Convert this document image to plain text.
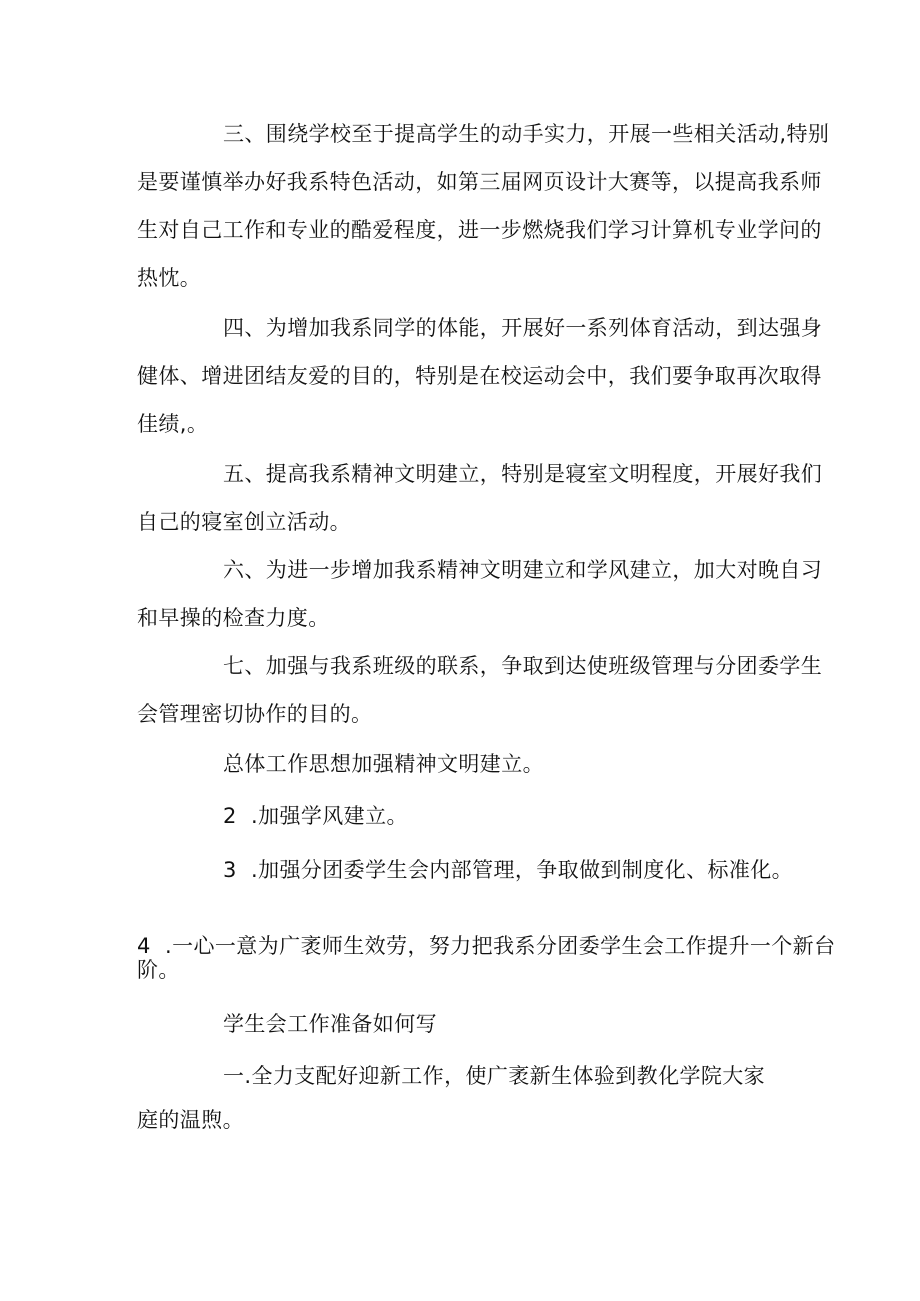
三、围绕学校至于提高学生的动手实力，开展一些相关活动,特别
是要谨慎举办好我系特色活动，如第三届网页设计大赛等，以提高我系师
生对自己工作和专业的酷爱程度，进一步燃烧我们学习计算机专业学问的
热忱。
四、为增加我系同学的体能，开展好一系列体育活动，到达强身
健体、增进团结友爱的目的，特别是在校运动会中，我们要争取再次取得
佳绩,。
五、提高我系精神文明建立，特别是寝室文明程度，开展好我们
自己的寝室创立活动。
六、为进一步增加我系精神文明建立和学风建立，加大对晚自习
和早操的检查力度。
七、加强与我系班级的联系，争取到达使班级管理与分团委学生
会管理密切协作的目的。
总体工作思想加强精神文明建立。
2 .加强学风建立。
3 .加强分团委学生会内部管理，争取做到制度化、标准化。
4 .一心一意为广袤师生效劳，努力把我系分团委学生会工作提升一个新台
阶。
学生会工作准备如何写
一.全力支配好迎新工作，使广袤新生体验到教化学院大家
庭的温煦。
